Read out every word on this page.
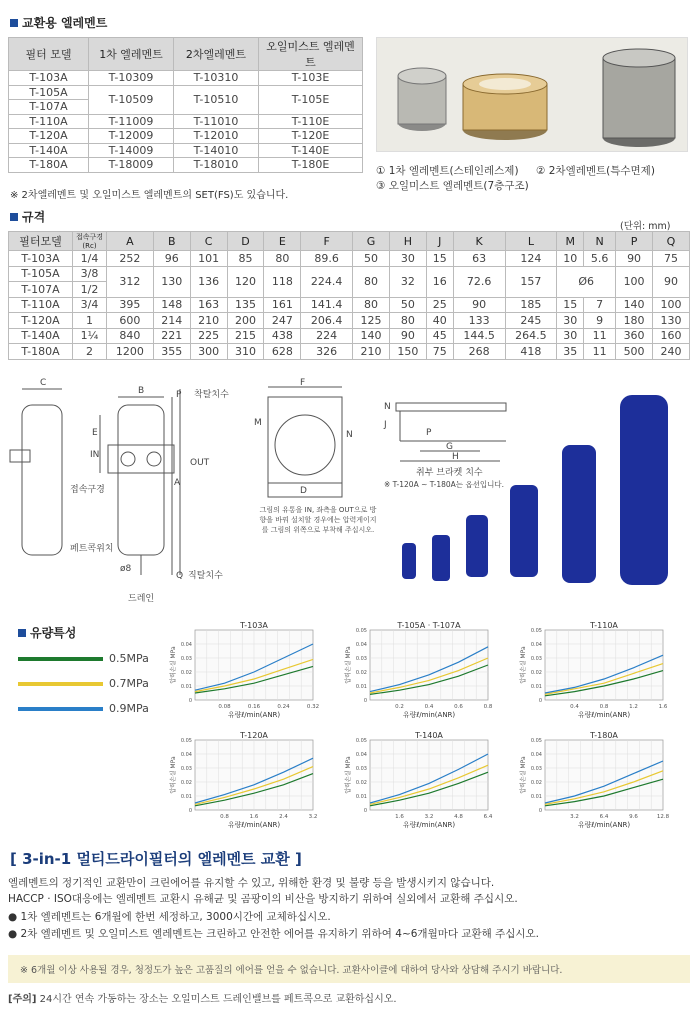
교환용 엘레멘트
필터 모델	1차 엘레멘트	2차엘레멘트	오일미스트 엘레멘트
T-103A	T-10309	T-10310	T-103E
T-105A	T-10509	T-10510	T-105E
T-107A			
T-110A	T-11009	T-11010	T-110E
T-120A	T-12009	T-12010	T-120E
T-140A	T-14009	T-14010	T-140E
T-180A	T-18009	T-18010	T-180E
※ 2차엘레멘트 및 오일미스트 엘레멘트의 SET(FS)도 있습니다.
① 1차 엘레멘트(스테인레스제) ② 2차엘레멘트(특수면제)
③ 오일미스트 엘레멘트(7층구조)
규격
(단위: mm)
필터모델	접속구경(Rc)	A	B	C	D	E	F	G	H	J	K	L	M	N	P	Q
T-103A	1/4	252	96	101	85	80	89.6	50	30	15	63	124	10	5.6	90	75
T-105A	3/8	312	130	136	120	118	224.4	80	32	16	72.6	157	Ø6		100	90
T-107A	1/2															
T-110A	3/4	395	148	163	135	161	141.4	80	50	25	90	185	15	7	140	100
T-120A	1	600	214	210	200	247	206.4	125	80	40	133	245	30	9	180	130
T-140A	1¼	840	221	225	215	438	224	140	90	45	144.5	264.5	30	11	360	160
T-180A	2	1200	355	300	310	628	326	210	150	75	268	418	35	11	500	240
C
B	P 착탈치수
E
IN
OUT
A
접속구경
페트콕위치
ø8
Q 직탈치수
드레인
F
M
N
D
그림의 유통을 IN, 좌측을 OUT으로 방향을 바꿔 설치할 경우에는 압력게이지를 그림의 위쪽으로 부착해 주십시오.
N
J
P
G
H
취부 브라켓 치수
※ T-120A ~ T-180A는 옵션입니다.
유량특성
0.5MPa
0.7MPa
0.9MPa
T-103A
0
0.01
0.02
0.03
0.04
0.08	0.16	0.24	0.32
압력손실 MPa
유량ℓ/min(ANR)
T-105A · T-107A
0
0.01
0.02
0.03
0.04
0.05
0.2	0.4	0.6	0.8
압력손실 MPa
유량ℓ/min(ANR)
T-110A
0
0.01
0.02
0.03
0.04
0.05
0.4	0.8	1.2	1.6
압력손실 MPa
유량ℓ/min(ANR)
T-120A
0
0.01
0.02
0.03
0.04
0.05
0.8	1.6	2.4	3.2
압력손실 MPa
유량ℓ/min(ANR)
T-140A
0
0.01
0.02
0.03
0.04
0.05
1.6	3.2	4.8	6.4
압력손실 MPa
유량ℓ/min(ANR)
T-180A
0
0.01
0.02
0.03
0.04
0.05
3.2	6.4	9.6	12.8
압력손실 MPa
유량ℓ/min(ANR)
[ 3-in-1 멀티드라이필터의 엘레멘트 교환 ]
엘레멘트의 정기적인 교환만이 크린에어를 유지할 수 있고, 위해한 환경 및 불량 등을 발생시키지 않습니다.
HACCP · ISO대응에는 엘레멘트 교환시 유해균 및 곰팡이의 비산을 방지하기 위하여 실외에서 교환해 주십시오.
● 1차 엘레멘트는 6개월에 한번 세정하고, 3000시간에 교체하십시오.
● 2차 엘레멘트 및 오일미스트 엘레멘트는 크린하고 안전한 에어를 유지하기 위하여 4~6개월마다 교환해 주십시오.
※ 6개월 이상 사용될 경우, 청정도가 높은 고품질의 에어를 얻을 수 없습니다. 교환사이클에 대하여 당사와 상담해 주시기 바랍니다.
[주의] 24시간 연속 가동하는 장소는 오일미스트 드레인밸브를 페트콕으로 교환하십시오.
